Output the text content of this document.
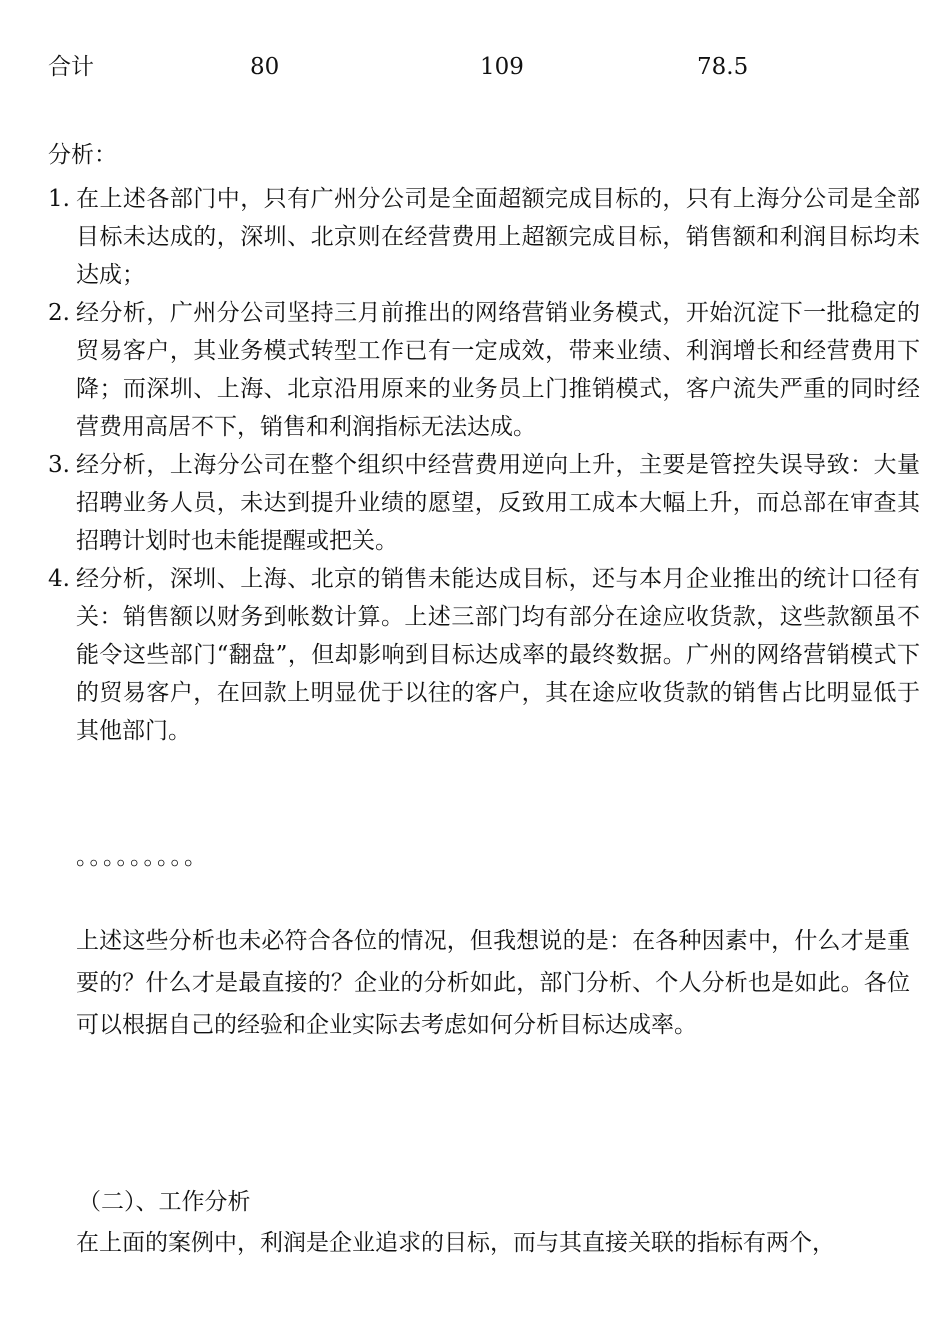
合计	80	109	78.5
分析：
1. 在上述各部门中，只有广州分公司是全面超额完成目标的，只有上海分公司是全部目标未达成的，深圳、北京则在经营费用上超额完成目标，销售额和利润目标均未达成；
2. 经分析，广州分公司坚持三月前推出的网络营销业务模式，开始沉淀下一批稳定的贸易客户，其业务模式转型工作已有一定成效，带来业绩、利润增长和经营费用下降；而深圳、上海、北京沿用原来的业务员上门推销模式，客户流失严重的同时经营费用高居不下，销售和利润指标无法达成。
3. 经分析，上海分公司在整个组织中经营费用逆向上升，主要是管控失误导致：大量招聘业务人员，未达到提升业绩的愿望，反致用工成本大幅上升，而总部在审查其招聘计划时也未能提醒或把关。
4. 经分析，深圳、上海、北京的销售未能达成目标，还与本月企业推出的统计口径有关：销售额以财务到帐数计算。上述三部门均有部分在途应收货款，这些款额虽不能令这些部门“翻盘”，但却影响到目标达成率的最终数据。广州的网络营销模式下的贸易客户，在回款上明显优于以往的客户，其在途应收货款的销售占比明显低于其他部门。
。。。。。。。。。

上述这些分析也未必符合各位的情况，但我想说的是：在各种因素中，什么才是重要的？什么才是最直接的？企业的分析如此，部门分析、个人分析也是如此。各位可以根据自己的经验和企业实际去考虑如何分析目标达成率。

（二）、工作分析
在上面的案例中，利润是企业追求的目标，而与其直接关联的指标有两个，
